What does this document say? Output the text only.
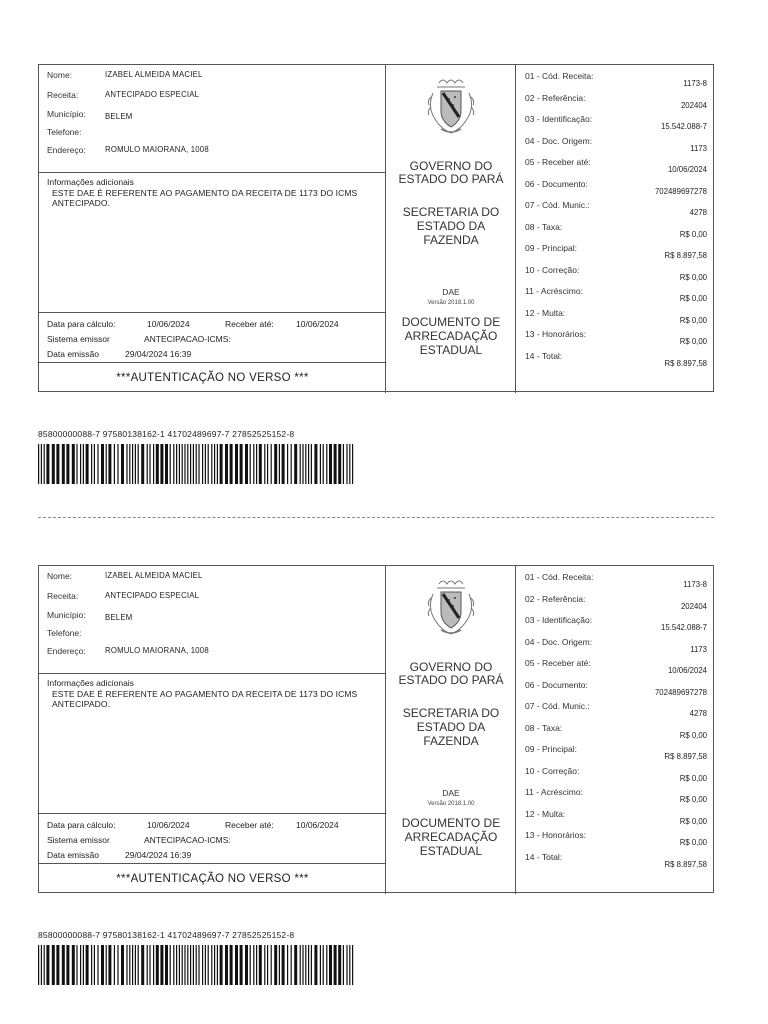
Nome:	IZABEL ALMEIDA MACIEL
Receita:	ANTECIPADO ESPECIAL
Município: BELEM
Telefone:
Endereço: ROMULO MAIORANA, 1008
Informações adicionais
ESTE DAE É REFERENTE AO PAGAMENTO DA RECEITA DE 1173 DO ICMS ANTECIPADO.
Data para cálculo:	10/06/2024	Receber até:	10/06/2024
Sistema emissor	ANTECIPACAO-ICMS:
Data emissão	29/04/2024 16:39
***AUTENTICAÇÃO NO VERSO ***
GOVERNO DO
ESTADO DO PARÁ
SECRETARIA DO
ESTADO DA
FAZENDA
DAE
Versão 2018.1.00
DOCUMENTO DE
ARRECADAÇÃO
ESTADUAL
01 - Cód. Receita:
1173-8
02 - Referência:
202404
03 - Identificação:
15.542.088-7
04 - Doc. Origem:
1173
05 - Receber até:
10/06/2024
06 - Documento:
702489697278
07 - Cód. Munic.:
4278
08 - Taxa:
R$ 0,00
09 - Principal:
R$ 8.897,58
10 - Correção:
R$ 0,00
11 - Acréscimo:
R$ 0,00
12 - Multa:
R$ 0,00
13 - Honorários:
R$ 0,00
14 - Total:
R$ 8.897,58
85800000088-7 97580138162-1 41702489697-7 27852525152-8
Nome:	IZABEL ALMEIDA MACIEL
Receita:	ANTECIPADO ESPECIAL
Município: BELEM
Telefone:
Endereço: ROMULO MAIORANA, 1008
Informações adicionais
ESTE DAE É REFERENTE AO PAGAMENTO DA RECEITA DE 1173 DO ICMS ANTECIPADO.
Data para cálculo:	10/06/2024	Receber até:	10/06/2024
Sistema emissor	ANTECIPACAO-ICMS:
Data emissão	29/04/2024 16:39
***AUTENTICAÇÃO NO VERSO ***
GOVERNO DO
ESTADO DO PARÁ
SECRETARIA DO
ESTADO DA
FAZENDA
DAE
Versão 2018.1.00
DOCUMENTO DE
ARRECADAÇÃO
ESTADUAL
01 - Cód. Receita:
1173-8
02 - Referência:
202404
03 - Identificação:
15.542.088-7
04 - Doc. Origem:
1173
05 - Receber até:
10/06/2024
06 - Documento:
702489697278
07 - Cód. Munic.:
4278
08 - Taxa:
R$ 0,00
09 - Principal:
R$ 8.897,58
10 - Correção:
R$ 0,00
11 - Acréscimo:
R$ 0,00
12 - Multa:
R$ 0,00
13 - Honorários:
R$ 0,00
14 - Total:
R$ 8.897,58
85800000088-7 97580138162-1 41702489697-7 27852525152-8
